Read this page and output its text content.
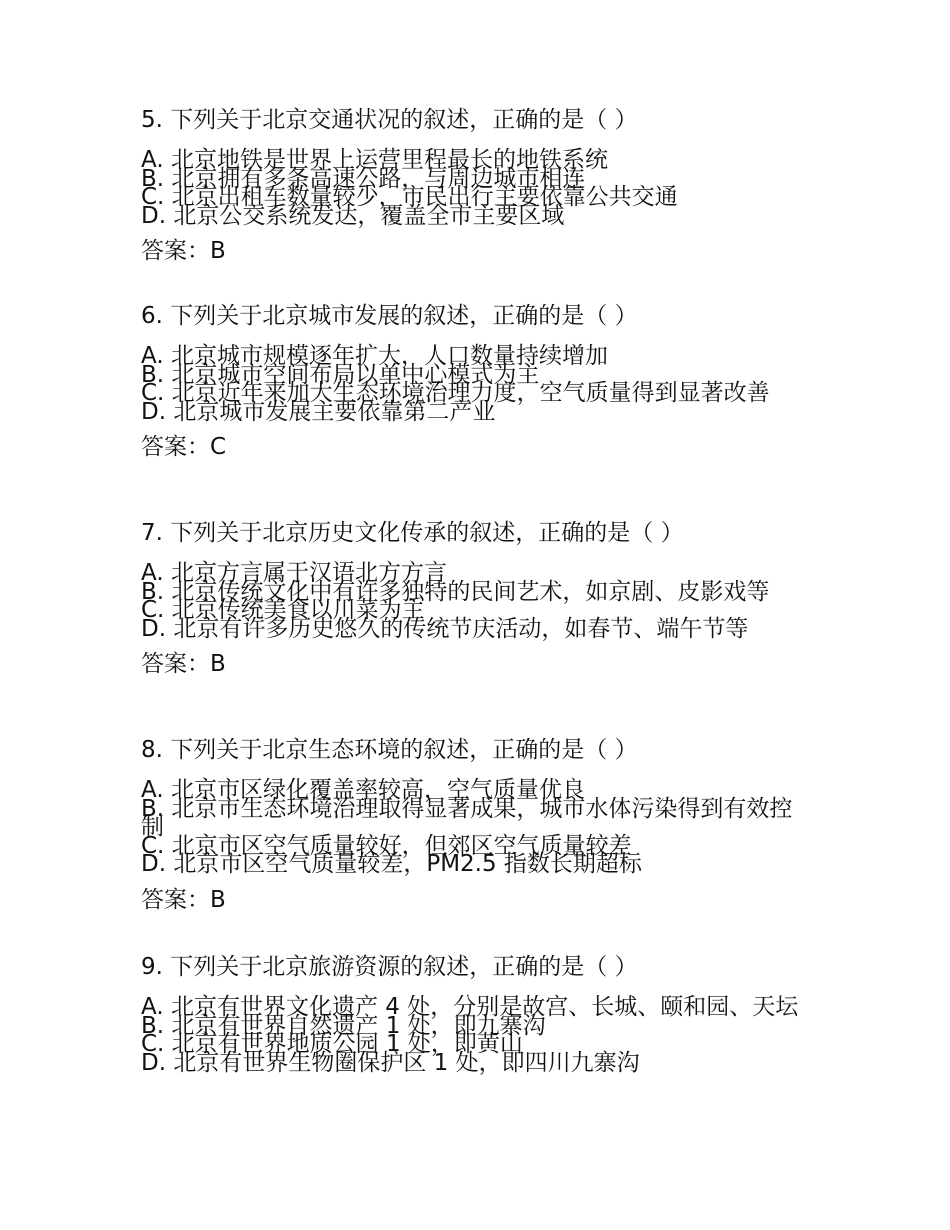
5. 下列关于北京交通状况的叙述，正确的是（ ）
A. 北京地铁是世界上运营里程最长的地铁系统
B. 北京拥有多条高速公路，与周边城市相连
C. 北京出租车数量较少，市民出行主要依靠公共交通
D. 北京公交系统发达，覆盖全市主要区域
答案：B
6. 下列关于北京城市发展的叙述，正确的是（ ）
A. 北京城市规模逐年扩大，人口数量持续增加
B. 北京城市空间布局以单中心模式为主
C. 北京近年来加大生态环境治理力度，空气质量得到显著改善
D. 北京城市发展主要依靠第二产业
答案：C
7. 下列关于北京历史文化传承的叙述，正确的是（ ）
A. 北京方言属于汉语北方方言
B. 北京传统文化中有许多独特的民间艺术，如京剧、皮影戏等
C. 北京传统美食以川菜为主
D. 北京有许多历史悠久的传统节庆活动，如春节、端午节等
答案：B
8. 下列关于北京生态环境的叙述，正确的是（ ）
A. 北京市区绿化覆盖率较高，空气质量优良
B. 北京市生态环境治理取得显著成果，城市水体污染得到有效控制
C. 北京市区空气质量较好，但郊区空气质量较差
D. 北京市区空气质量较差，PM2.5 指数长期超标
答案：B
9. 下列关于北京旅游资源的叙述，正确的是（ ）
A. 北京有世界文化遗产 4 处，分别是故宫、长城、颐和园、天坛
B. 北京有世界自然遗产 1 处，即九寨沟
C. 北京有世界地质公园 1 处，即黄山
D. 北京有世界生物圈保护区 1 处，即四川九寨沟
